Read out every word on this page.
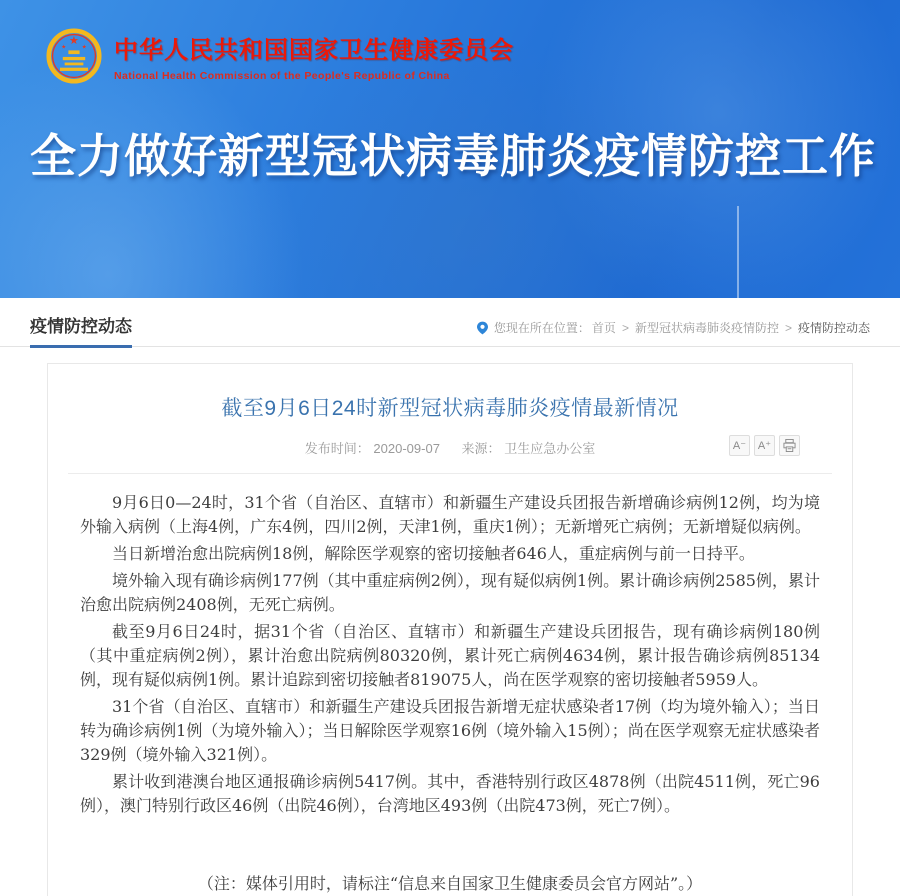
★
★	★ 中华人民共和国国家卫生健康委员会
National Health Commission of the People's Republic of China
全力做好新型冠状病毒肺炎疫情防控工作
疫情防控动态	您现在所在位置： 首页 > 新型冠状病毒肺炎疫情防控 > 疫情防控动态
截至9月6日24时新型冠状病毒肺炎疫情最新情况
发布时间： 2020-09-07 来源： 卫生应急办公室	A⁻	A⁺

9月6日0—24时，31个省（自治区、直辖市）和新疆生产建设兵团报告新增确诊病例12例，均为境外输入病例（上海4例，广东4例，四川2例，天津1例，重庆1例）；无新增死亡病例；无新增疑似病例。

当日新增治愈出院病例18例，解除医学观察的密切接触者646人，重症病例与前一日持平。

境外输入现有确诊病例177例（其中重症病例2例），现有疑似病例1例。累计确诊病例2585例，累计治愈出院病例2408例，无死亡病例。

截至9月6日24时，据31个省（自治区、直辖市）和新疆生产建设兵团报告，现有确诊病例180例（其中重症病例2例），累计治愈出院病例80320例，累计死亡病例4634例，累计报告确诊病例85134例，现有疑似病例1例。累计追踪到密切接触者819075人，尚在医学观察的密切接触者5959人。

31个省（自治区、直辖市）和新疆生产建设兵团报告新增无症状感染者17例（均为境外输入）；当日转为确诊病例1例（为境外输入）；当日解除医学观察16例（境外输入15例）；尚在医学观察无症状感染者329例（境外输入321例）。

累计收到港澳台地区通报确诊病例5417例。其中，香港特别行政区4878例（出院4511例，死亡96例），澳门特别行政区46例（出院46例），台湾地区493例（出院473例，死亡7例）。

（注：媒体引用时，请标注“信息来自国家卫生健康委员会官方网站”。）
